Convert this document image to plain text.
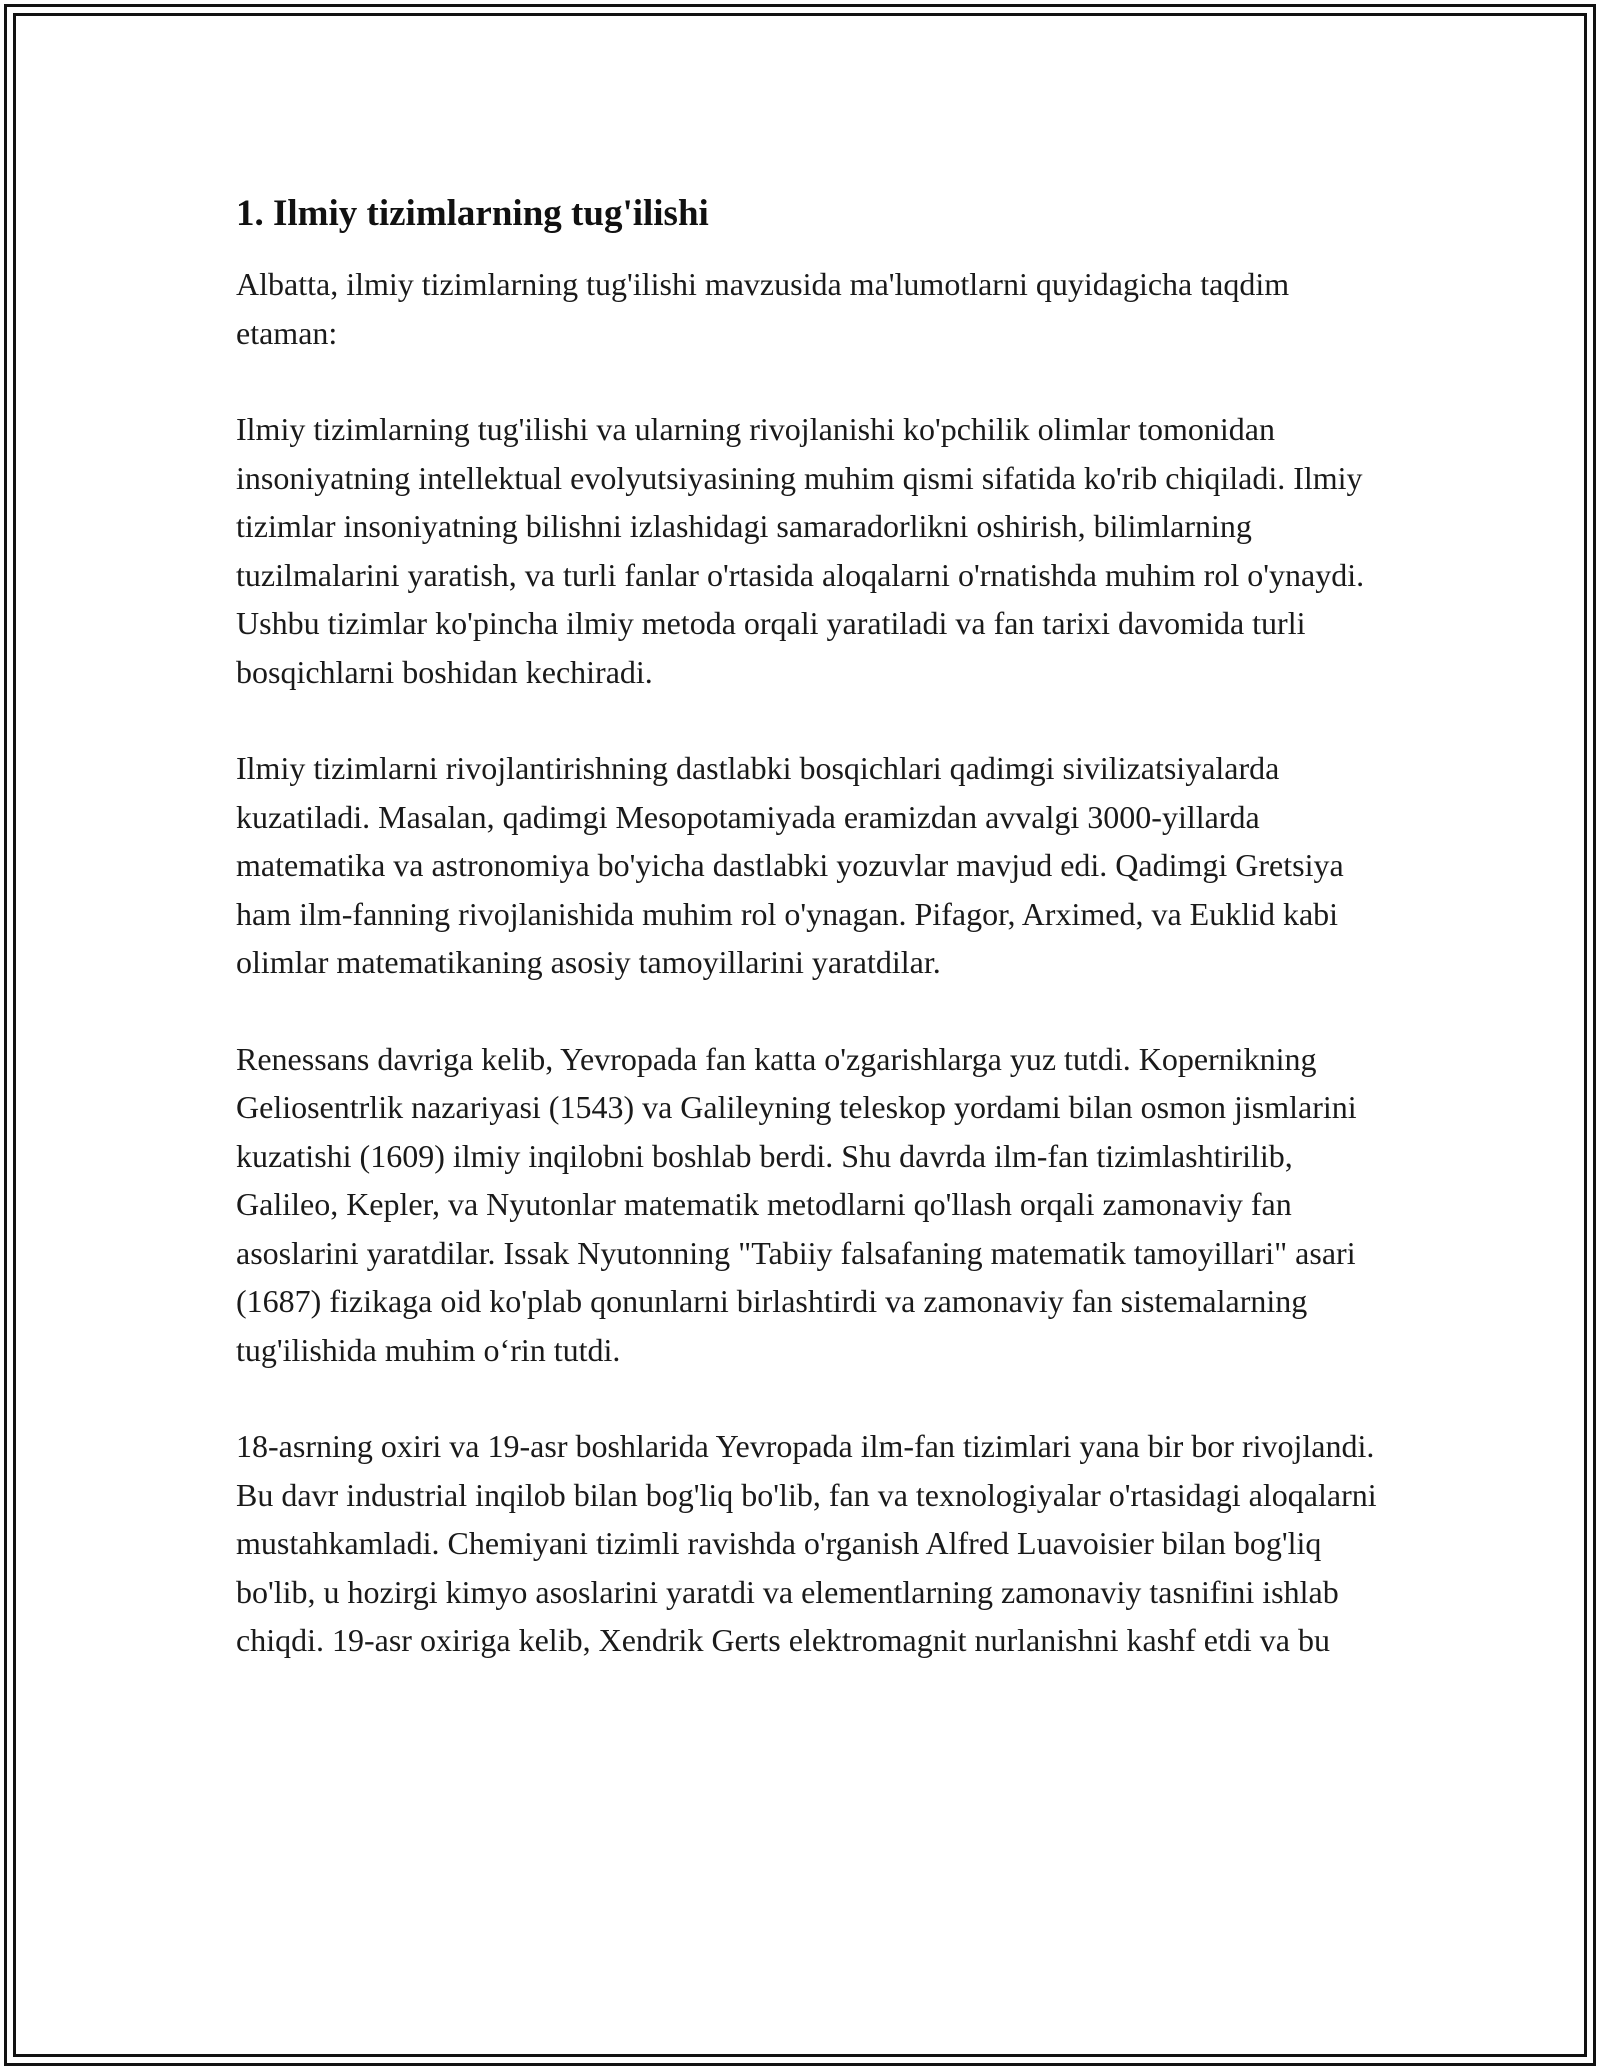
1. Ilmiy tizimlarning tug'ilishi

Albatta, ilmiy tizimlarning tug'ilishi mavzusida ma'lumotlarni quyidagicha taqdim etaman:

Ilmiy tizimlarning tug'ilishi va ularning rivojlanishi ko'pchilik olimlar tomonidan insoniyatning intellektual evolyutsiyasining muhim qismi sifatida ko'rib chiqiladi. Ilmiy tizimlar insoniyatning bilishni izlashidagi samaradorlikni oshirish, bilimlarning tuzilmalarini yaratish, va turli fanlar o'rtasida aloqalarni o'rnatishda muhim rol o'ynaydi. Ushbu tizimlar ko'pincha ilmiy metoda orqali yaratiladi va fan tarixi davomida turli bosqichlarni boshidan kechiradi.

Ilmiy tizimlarni rivojlantirishning dastlabki bosqichlari qadimgi sivilizatsiyalarda kuzatiladi. Masalan, qadimgi Mesopotamiyada eramizdan avvalgi 3000-yillarda matematika va astronomiya bo'yicha dastlabki yozuvlar mavjud edi. Qadimgi Gretsiya ham ilm-fanning rivojlanishida muhim rol o'ynagan. Pifagor, Arximed, va Euklid kabi olimlar matematikaning asosiy tamoyillarini yaratdilar.

Renessans davriga kelib, Yevropada fan katta o'zgarishlarga yuz tutdi. Kopernikning Geliosentrlik nazariyasi (1543) va Galileyning teleskop yordami bilan osmon jismlarini kuzatishi (1609) ilmiy inqilobni boshlab berdi. Shu davrda ilm-fan tizimlashtirilib, Galileo, Kepler, va Nyutonlar matematik metodlarni qo'llash orqali zamonaviy fan asoslarini yaratdilar. Issak Nyutonning "Tabiiy falsafaning matematik tamoyillari" asari (1687) fizikaga oid ko'plab qonunlarni birlashtirdi va zamonaviy fan sistemalarning tug'ilishida muhim o‘rin tutdi.

18-asrning oxiri va 19-asr boshlarida Yevropada ilm-fan tizimlari yana bir bor rivojlandi. Bu davr industrial inqilob bilan bog'liq bo'lib, fan va texnologiyalar o'rtasidagi aloqalarni mustahkamladi. Chemiyani tizimli ravishda o'rganish Alfred Luavoisier bilan bog'liq bo'lib, u hozirgi kimyo asoslarini yaratdi va elementlarning zamonaviy tasnifini ishlab chiqdi. 19-asr oxiriga kelib, Xendrik Gerts elektromagnit nurlanishni kashf etdi va bu
